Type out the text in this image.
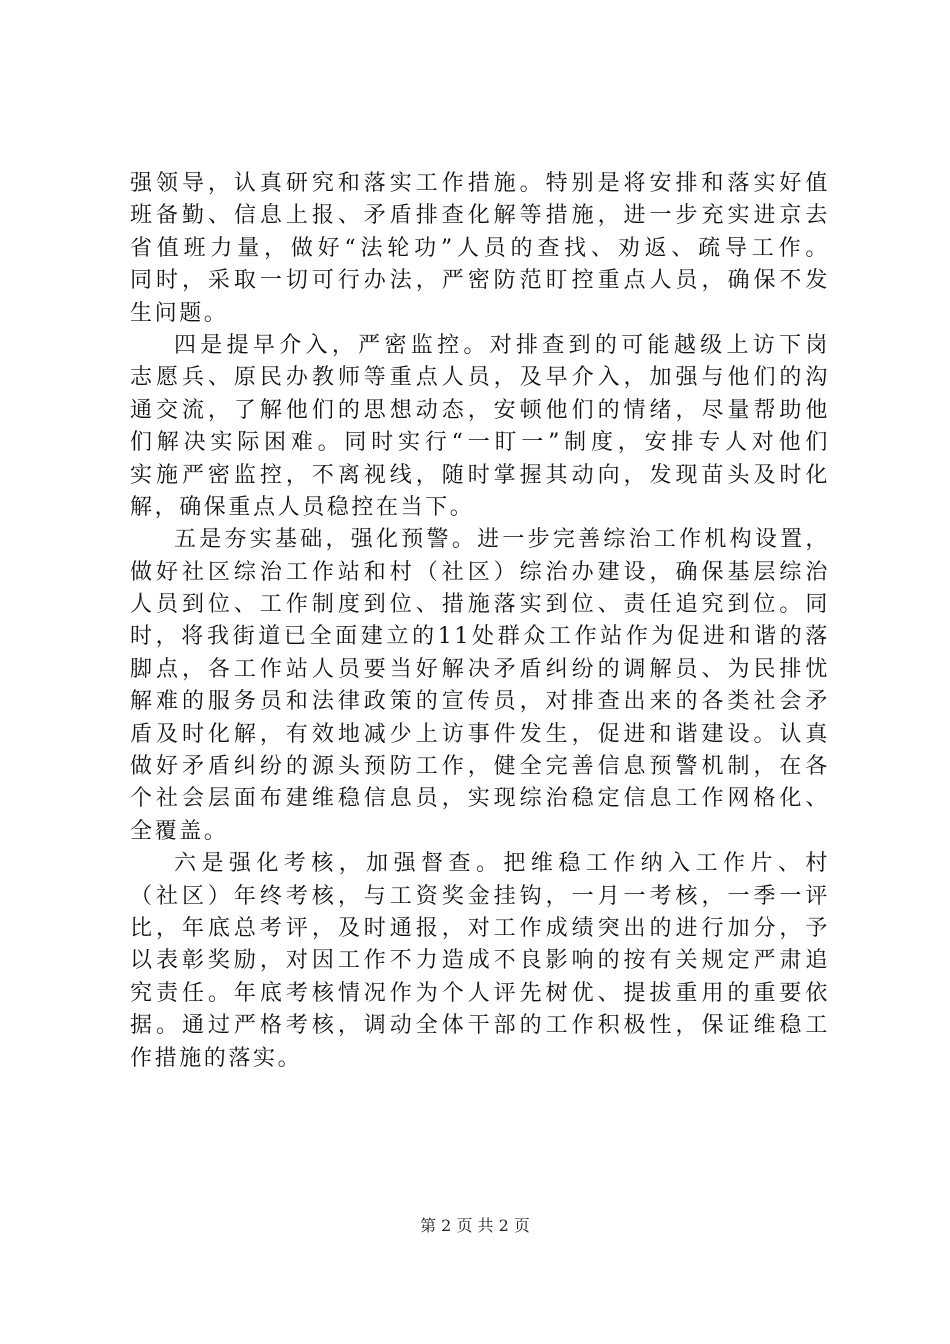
强领导，认真研究和落实工作措施。特别是将安排和落实好值
班备勤、信息上报、矛盾排查化解等措施，进一步充实进京去
省值班力量，做好“法轮功”人员的查找、劝返、疏导工作。
同时，采取一切可行办法，严密防范盯控重点人员，确保不发
生问题。
四是提早介入，严密监控。对排查到的可能越级上访下岗
志愿兵、原民办教师等重点人员，及早介入，加强与他们的沟
通交流，了解他们的思想动态，安顿他们的情绪，尽量帮助他
们解决实际困难。同时实行“一盯一”制度，安排专人对他们
实施严密监控，不离视线，随时掌握其动向，发现苗头及时化
解，确保重点人员稳控在当下。
五是夯实基础，强化预警。进一步完善综治工作机构设置，
做好社区综治工作站和村（社区）综治办建设，确保基层综治
人员到位、工作制度到位、措施落实到位、责任追究到位。同
时，将我街道已全面建立的11处群众工作站作为促进和谐的落
脚点，各工作站人员要当好解决矛盾纠纷的调解员、为民排忧
解难的服务员和法律政策的宣传员，对排查出来的各类社会矛
盾及时化解，有效地减少上访事件发生，促进和谐建设。认真
做好矛盾纠纷的源头预防工作，健全完善信息预警机制，在各
个社会层面布建维稳信息员，实现综治稳定信息工作网格化、
全覆盖。
六是强化考核，加强督查。把维稳工作纳入工作片、村
（社区）年终考核，与工资奖金挂钩，一月一考核，一季一评
比，年底总考评，及时通报，对工作成绩突出的进行加分，予
以表彰奖励，对因工作不力造成不良影响的按有关规定严肃追
究责任。年底考核情况作为个人评先树优、提拔重用的重要依
据。通过严格考核，调动全体干部的工作积极性，保证维稳工
作措施的落实。
第 2 页 共 2 页
